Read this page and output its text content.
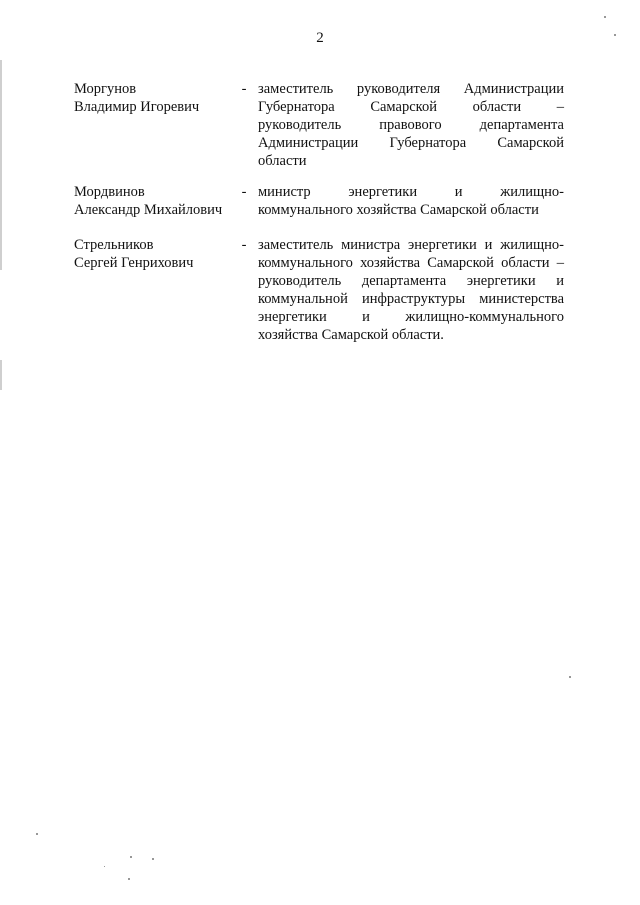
2
Моргунов
Владимир Игоревич
- заместитель руководителя Администрации
Губернатора Самарской области –
руководитель правового департамента
Администрации Губернатора Самарской
области
Мордвинов
Александр Михайлович
- министр энергетики и жилищно-
коммунального хозяйства Самарской области
Стрельников
Сергей Генрихович
- заместитель министра энергетики и жилищно-
коммунального хозяйства Самарской области –
руководитель департамента энергетики и
коммунальной инфраструктуры министерства
энергетики и жилищно-коммунального
хозяйства Самарской области.
